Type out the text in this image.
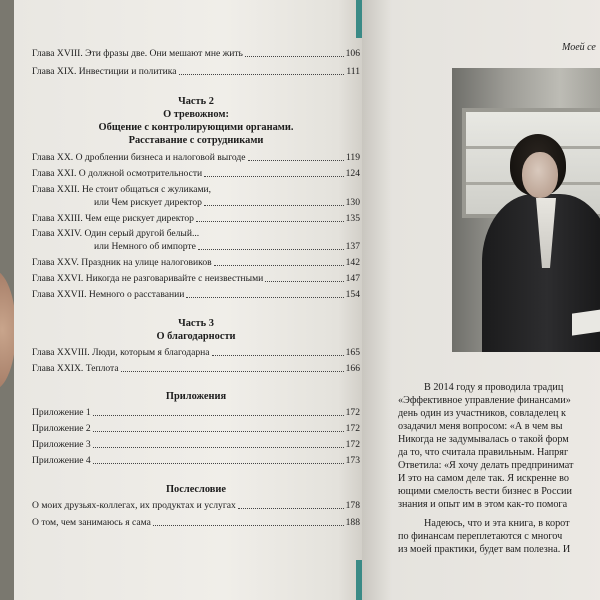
Глава XVIII. Эти фразы две. Они мешают мне жить	106
Глава XIX. Инвестиции и политика	111
Часть 2
О тревожном:
Общение с контролирующими органами.
Расставание с сотрудниками
Глава XX. О дроблении бизнеса и налоговой выгоде	119
Глава XXI. О должной осмотрительности	124
Глава XXII. Не стоит общаться с жуликами,
или Чем рискует директор	130
Глава XXIII. Чем еще рискует директор	135
Глава XXIV. Один серый другой белый...
или Немного об импорте	137
Глава XXV. Праздник на улице налоговиков	142
Глава XXVI. Никогда не разговаривайте с неизвестными	147
Глава XXVII. Немного о расставании	154
Часть 3
О благодарности
Глава XXVIII. Люди, которым я благодарна	165
Глава XXIX. Теплота	166
Приложения
Приложение 1	172
Приложение 2	172
Приложение 3	172
Приложение 4	173
Послесловие
О моих друзьях-коллегах, их продуктах и услугах	178
О том, чем занимаюсь я сама	188
Моей се
В 2014 году я проводила традиц
«Эффективное управление финансами»
день один из участников, совладелец к
озадачил меня вопросом: «А в чем вы
Никогда не задумывалась о такой форм
да то, что считала правильным. Напряг
Ответила: «Я хочу делать предпринимат
И это на самом деле так. Я искренне во
ющими смелость вести бизнес в России
знания и опыт им в этом как-то помога
Надеюсь, что и эта книга, в корот
по финансам переплетаются с многоч
из моей практики, будет вам полезна. И
